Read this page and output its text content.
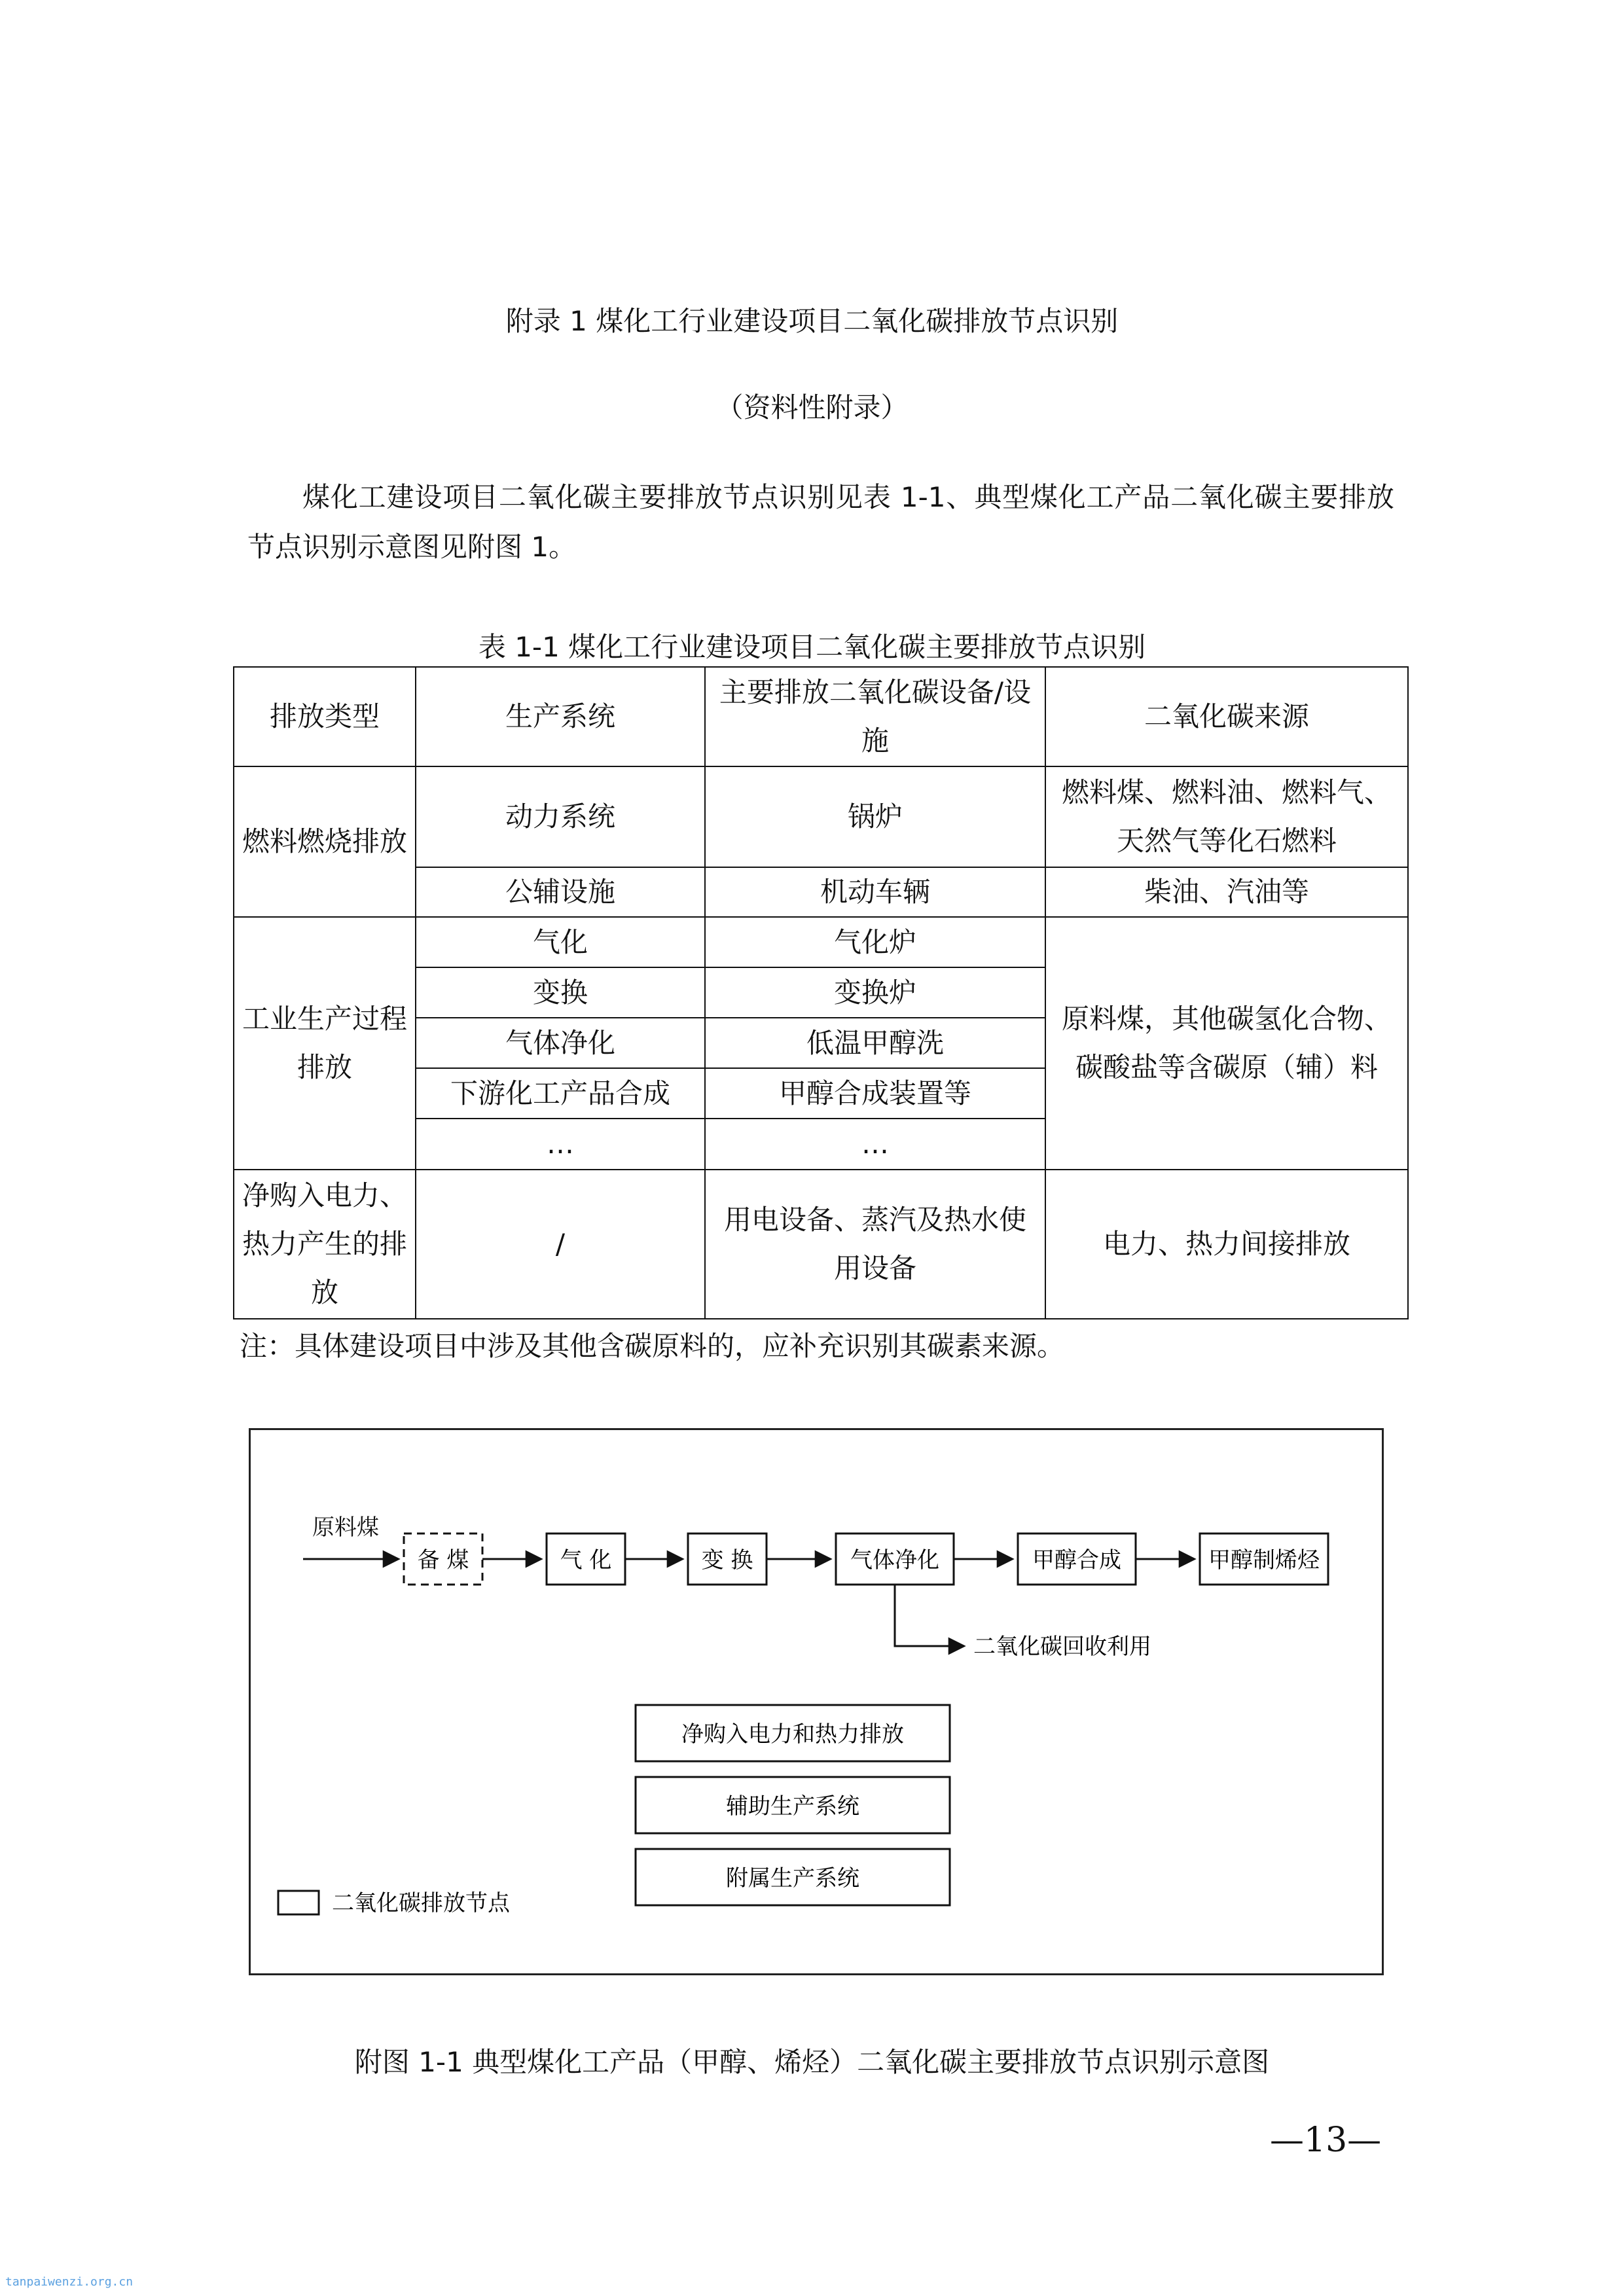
附录 1 煤化工行业建设项目二氧化碳排放节点识别
（资料性附录）
煤化工建设项目二氧化碳主要排放节点识别见表 1-1、典型煤化工产品二氧化碳主要排放节点识别示意图见附图 1。
表 1-1 煤化工行业建设项目二氧化碳主要排放节点识别
排放类型	生产系统	主要排放二氧化碳设备/设施	二氧化碳来源
燃料燃烧排放	动力系统	锅炉	燃料煤、燃料油、燃料气、天然气等化石燃料
	公辅设施	机动车辆	柴油、汽油等
工业生产过程排放	气化	气化炉	原料煤，其他碳氢化合物、碳酸盐等含碳原（辅）料
	变换	变换炉	
	气体净化	低温甲醇洗	
	下游化工产品合成	甲醇合成装置等	
	…	…	
净购入电力、热力产生的排放	/	用电设备、蒸汽及热水使用设备	电力、热力间接排放
注：具体建设项目中涉及其他含碳原料的，应补充识别其碳素来源。
原料煤
备 煤	气 化	变 换	气体净化	甲醇合成	甲醇制烯烃
二氧化碳回收利用
净购入电力和热力排放
辅助生产系统
附属生产系统
二氧化碳排放节点
附图 1-1 典型煤化工产品（甲醇、烯烃）二氧化碳主要排放节点识别示意图
—13—
tanpaiwenzi.org.cn
